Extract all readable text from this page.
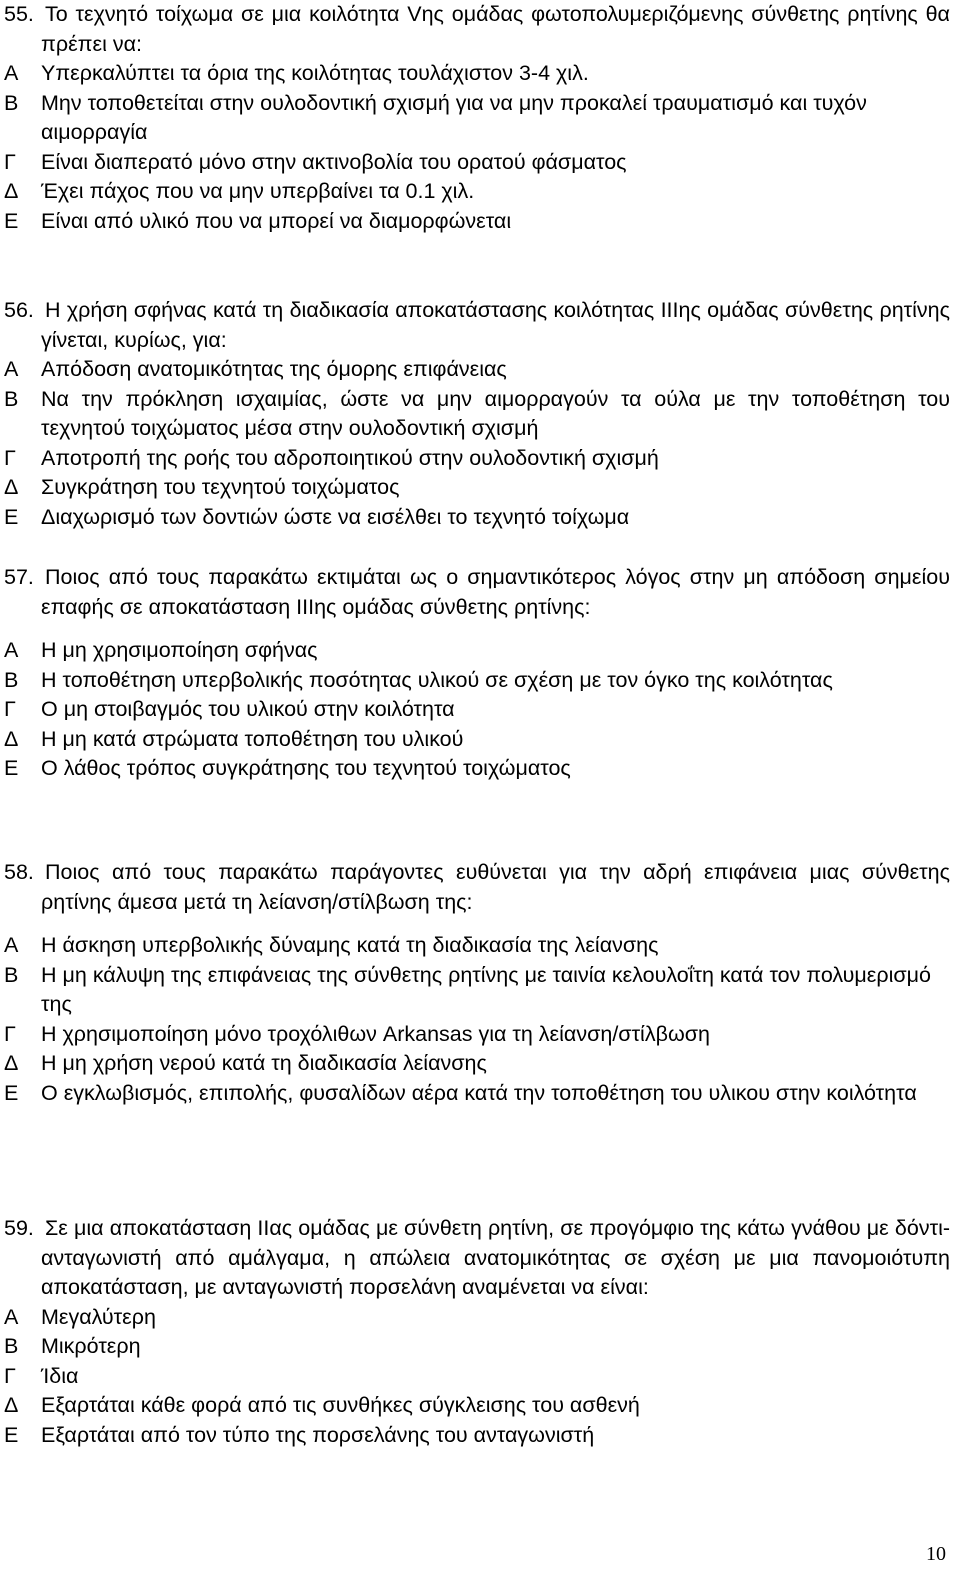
55. Το τεχνητό τοίχωμα σε μια κοιλότητα Vης ομάδας φωτοπολυμεριζόμενης σύνθετης ρητίνης θα πρέπει να:
Α	Υπερκαλύπτει τα όρια της κοιλότητας τουλάχιστον 3-4 χιλ.
Β	Μην τοποθετείται στην ουλοδοντική σχισμή για να μην προκαλεί τραυματισμό και τυχόν
αιμορραγία
Γ	Είναι διαπερατό μόνο στην ακτινοβολία του ορατού φάσματος
Δ	Έχει πάχος που να μην υπερβαίνει τα 0.1 χιλ.
Ε	Είναι από υλικό που να μπορεί να διαμορφώνεται
56. Η χρήση σφήνας κατά τη διαδικασία αποκατάστασης κοιλότητας ΙΙΙης ομάδας σύνθετης ρητίνης γίνεται, κυρίως, για:
Α	Απόδοση ανατομικότητας της όμορης επιφάνειας
Β	Να την πρόκληση ισχαιμίας, ώστε να μην αιμορραγούν τα ούλα με την τοποθέτηση του τεχνητού τοιχώματος μέσα στην ουλοδοντική σχισμή
Γ	Αποτροπή της ροής του αδροποιητικού στην ουλοδοντική σχισμή
Δ	Συγκράτηση του τεχνητού τοιχώματος
Ε	Διαχωρισμό των δοντιών ώστε να εισέλθει το τεχνητό τοίχωμα
57. Ποιος από τους παρακάτω εκτιμάται ως ο σημαντικότερος λόγος στην μη απόδοση σημείου επαφής σε αποκατάσταση ΙΙΙης ομάδας σύνθετης ρητίνης:
Α	Η μη χρησιμοποίηση σφήνας
Β	Η τοποθέτηση υπερβολικής ποσότητας υλικού σε σχέση με τον όγκο της κοιλότητας
Γ	Ο μη στοιβαγμός του υλικού στην κοιλότητα
Δ	Η μη κατά στρώματα τοποθέτηση του υλικού
Ε	Ο λάθος τρόπος συγκράτησης του τεχνητού τοιχώματος
58. Ποιος από τους παρακάτω παράγοντες ευθύνεται για την αδρή επιφάνεια μιας σύνθετης ρητίνης άμεσα μετά τη λείανση/στίλβωση της:
Α	Η άσκηση υπερβολικής δύναμης κατά τη διαδικασία της λείανσης
Β	Η μη κάλυψη της επιφάνειας της σύνθετης ρητίνης με ταινία κελουλοΐτη κατά τον πολυμερισμό
της
Γ	Η χρησιμοποίηση μόνο τροχόλιθων Arkansas για τη λείανση/στίλβωση
Δ	Η μη χρήση νερού κατά τη διαδικασία λείανσης
Ε	Ο εγκλωβισμός, επιπολής, φυσαλίδων αέρα κατά την τοποθέτηση του υλικου στην κοιλότητα
59. Σε μια αποκατάσταση ΙΙας ομάδας με σύνθετη ρητίνη, σε προγόμφιο της κάτω γνάθου με δόντι-ανταγωνιστή από αμάλγαμα, η απώλεια ανατομικότητας σε σχέση με μια πανομοιότυπη αποκατάσταση, με ανταγωνιστή πορσελάνη αναμένεται να είναι:
Α	Μεγαλύτερη
Β	Μικρότερη
Γ	Ίδια
Δ	Εξαρτάται κάθε φορά από τις συνθήκες σύγκλεισης του ασθενή
Ε	Εξαρτάται από τον τύπο της πορσελάνης του ανταγωνιστή
10
